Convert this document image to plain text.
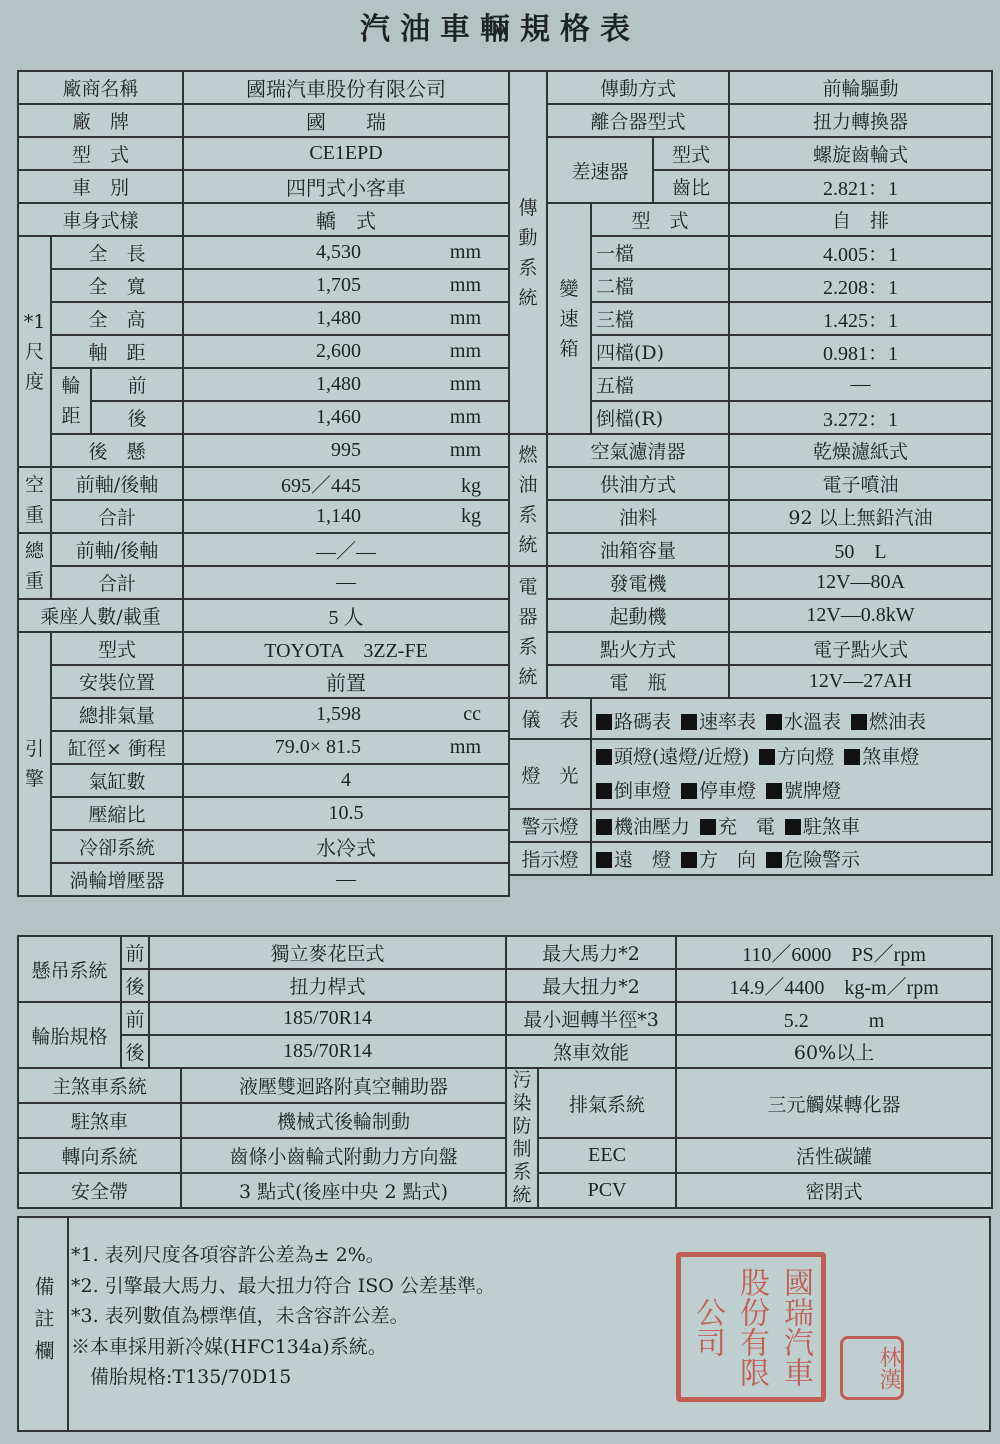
汽油車輛規格表
廠商名稱			國瑞汽車股份有限公司
廠　牌			國　　瑞
型　式			CE1EPD
車　別			四門式小客車
車身式樣			轎　式
*1 尺度	全　長		4,530 mm
	全　寬		1,705 mm
	全　高		1,480 mm
	軸　距		2,600 mm
	輪距	前	1,480 mm
		後	1,460 mm
	後　懸		995 mm
空重	前軸/後軸		695／445 kg
	合計		1,140 kg
總重	前軸/後軸		—／—
	合計		—
乘座人數/載重			5 人
引擎	型式		TOYOTA　3ZZ-FE
	安裝位置		前置
	總排氣量		1,598 cc
	缸徑× 衝程		79.0× 81.5 mm
	氣缸數		4
	壓縮比		10.5
	冷卻系統		水冷式
	渦輪增壓器		—
傳動系統	傳動方式			前輪驅動
	離合器型式			扭力轉換器
	差速器		型式	螺旋齒輪式
			齒比	2.821：1
	變速箱	型　式		自　排
		一檔		4.005：1
		二檔		2.208：1
		三檔		1.425：1
		四檔(D)		0.981：1
		五檔		—
		倒檔(R)		3.272：1
燃油系統	空氣濾清器			乾燥濾紙式
	供油方式			電子噴油
	油料			92 以上無鉛汽油
	油箱容量			50　L
電器系統	發電機			12V—80A
	起動機			12V—0.8kW
	點火方式			電子點火式
	電　瓶			12V—27AH
儀　表		路碼表 速率表 水溫表 燃油表		

燈　光		頭燈(遠燈/近燈) 方向燈 煞車燈
倒車燈 停車燈 號牌燈		

警示燈		機油壓力 充　電 駐煞車		
指示燈		遠　燈 方　向 危險警示		
懸吊系統	前	獨立麥花臣式		最大馬力*2		110／6000　PS／rpm
	後	扭力桿式		最大扭力*2		14.9／4400　kg-m／rpm
輪胎規格	前	185/70R14		最小迴轉半徑*3		5.2　　　m
	後	185/70R14		煞車效能		60%以上
主煞車系統			液壓雙迴路附真空輔助器	污染防制系統	排氣系統	三元觸媒轉化器
駐煞車			機械式後輪制動			
轉向系統			齒條小齒輪式附動力方向盤		EEC	活性碳罐
安全帶			3 點式(後座中央 2 點式)		PCV	密閉式
備註欄
*1. 表列尺度各項容許公差為± 2%。
*2. 引擎最大馬力、最大扭力符合 ISO 公差基準。
*3. 表列數值為標準值，未含容許公差。
※本車採用新冷媒(HFC134a)系統。
　備胎規格:T135/70D15	國瑞汽車股份有限公司
林漢
